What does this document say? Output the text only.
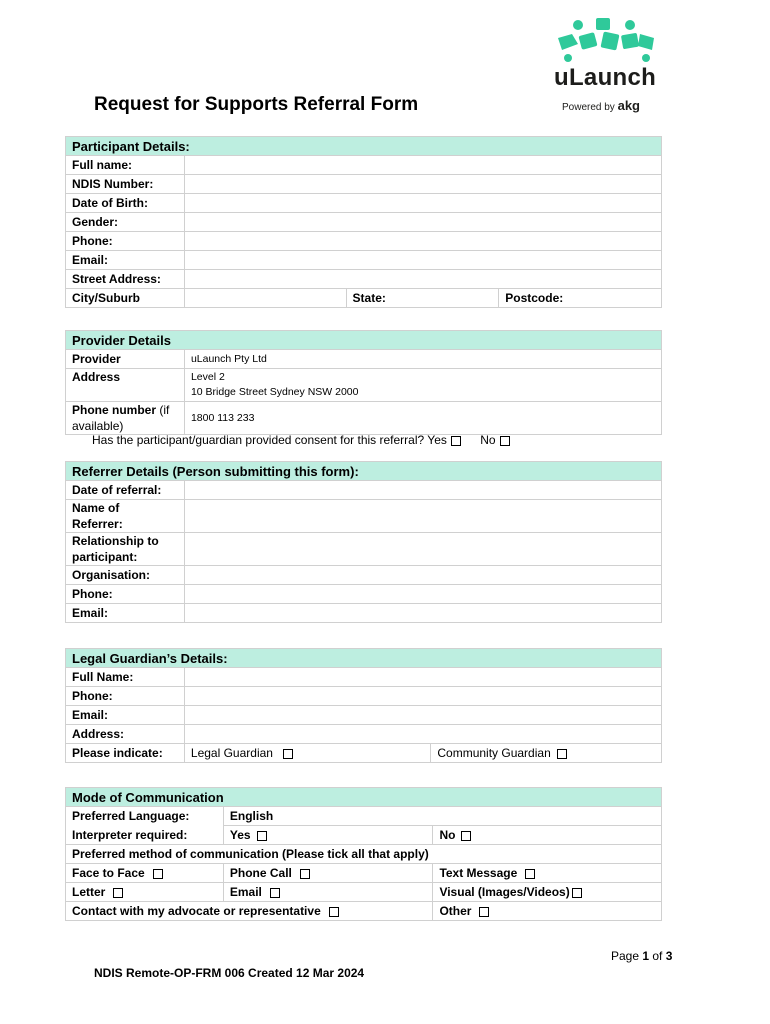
Request for Supports Referral Form
uLaunch
Powered by akg
Participant Details:			
Full name:			
NDIS Number:			
Date of Birth:			
Gender:			
Phone:			
Email:			
Street Address:			
City/Suburb		State:	Postcode:
Provider Details	
Provider	uLaunch Pty Ltd
Address	Level 2
10 Bridge Street Sydney NSW 2000

Phone number (if
available)	1800 113 233
Has the participant/guardian provided consent for this referral? Yes	No
Referrer Details (Person submitting this form):	
Date of referral:	

Name of
Referrer:	

Relationship to
participant:	

Organisation:	
Phone:	
Email:	
Legal Guardian’s Details:		
Full Name:		
Phone:		
Email:		
Address:		
Please indicate:	Legal Guardian	Community Guardian
Mode of Communication		
Preferred Language:	English	
Interpreter required:	Yes	No
Preferred method of communication (Please tick all that apply)		
Face to Face	Phone Call	Text Message
Letter	Email	Visual (Images/Videos)
Contact with my advocate or representative		Other
Page 1 of 3
NDIS Remote-OP-FRM 006 Created 12 Mar 2024
